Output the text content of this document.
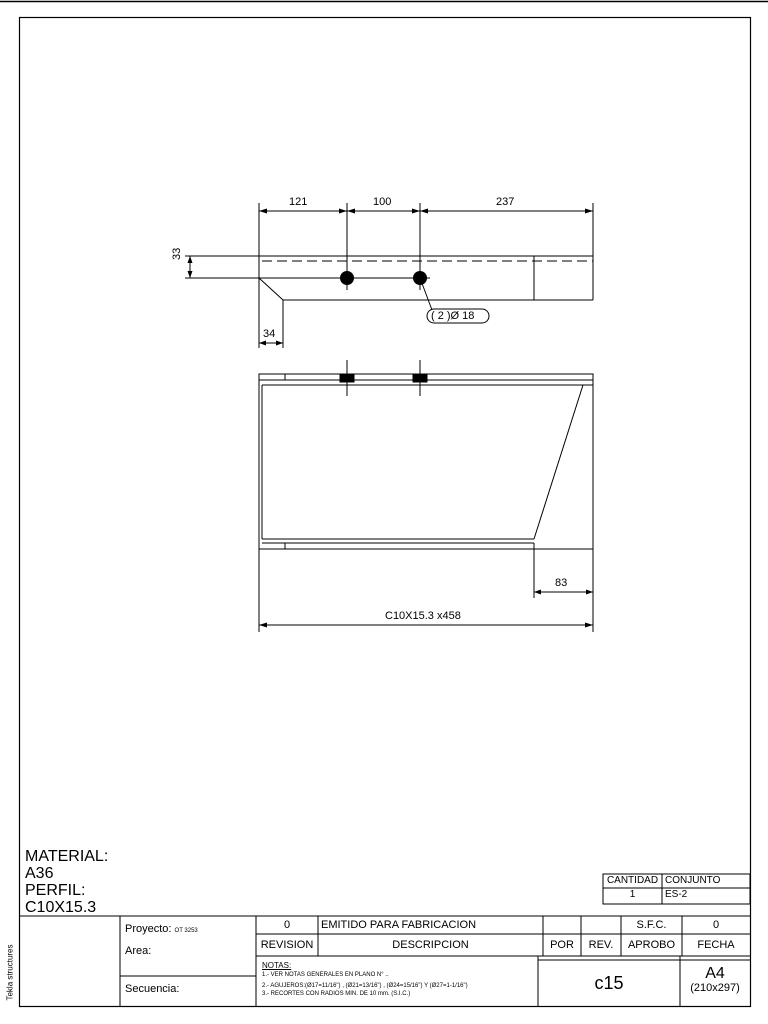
121	100	237
33
( 2 )Ø 18
34
83
C10X15.3 x458
MATERIAL:
A36
PERFIL:
C10X15.3
CANTIDAD CONJUNTO
1	ES-2
Proyecto: OT 3253
Area:
Secuencia:
0	EMITIDO PARA FABRICACION	S.F.C.	0
REVISION	DESCRIPCION	POR	REV.	APROBO	FECHA
NOTAS:
1.- VER NOTAS GENERALES EN PLANO N° ..
2.- AGUJEROS:(Ø17=11/16") , (Ø21=13/16") , (Ø24=15/16") Y (Ø27=1-1/16")
3.- RECORTES CON RADIOS MIN. DE 10 mm. (S.I.C.)
c15	A4
(210x297)
Tekla structures
